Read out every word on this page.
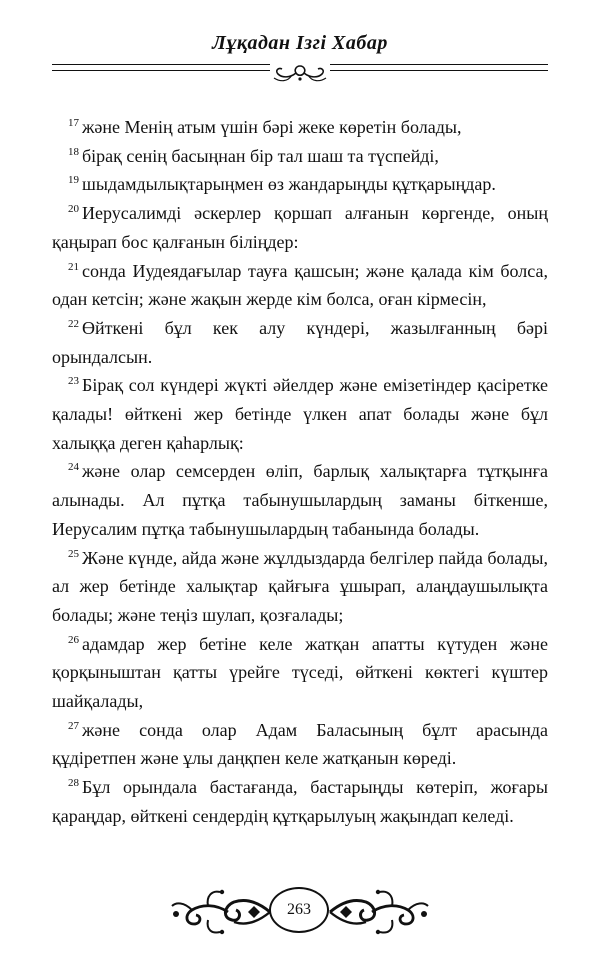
Лұқадан Ізгі Хабар

$^{17}$ және Менің атым үшін бәрі жеке көретін болады,

$^{18}$ бірақ сенің басыңнан бір тал шаш та түспейді,

$^{19}$ шыдамдылықтарыңмен өз жандарыңды құтқарыңдар.

$^{20}$ Иерусалимді әскерлер қоршап алғанын көргенде, оның қаңырап бос қалғанын біліңдер:

$^{21}$ сонда Иудеядағылар тауға қашсын; және қалада кім болса, одан кетсін; және жақын жерде кім болса, оған кірмесін,

$^{22}$ Өйткені бұл кек алу күндері, жазылғанның бәрі орындалсын.

$^{23}$ Бірақ сол күндері жүкті әйелдер және емізетіндер қасіретке қалады! өйткені жер бетінде үлкен апат болады және бұл халыққа деген қаһарлық:

$^{24}$ және олар семсерден өліп, барлық халықтарға тұтқынға алынады. Ал пұтқа табынушылардың заманы біткенше, Иерусалим пұтқа табынушылардың табанында болады.

$^{25}$ Және күнде, айда және жұлдыздарда белгілер пайда болады, ал жер бетінде халықтар қайғыға ұшырап, алаңдаушылықта болады; және теңіз шулап, қозғалады;

$^{26}$ адамдар жер бетіне келе жатқан апатты күтуден және қорқыныштан қатты үрейге түседі, өйткені көктегі күштер шайқалады,

$^{27}$ және сонда олар Адам Баласының бұлт арасында құдіретпен және ұлы даңқпен келе жатқанын көреді.

$^{28}$ Бұл орындала бастағанда, бастарыңды көтеріп, жоғары қараңдар, өйткені сендердің құтқарылуың жақындап келеді.

263
